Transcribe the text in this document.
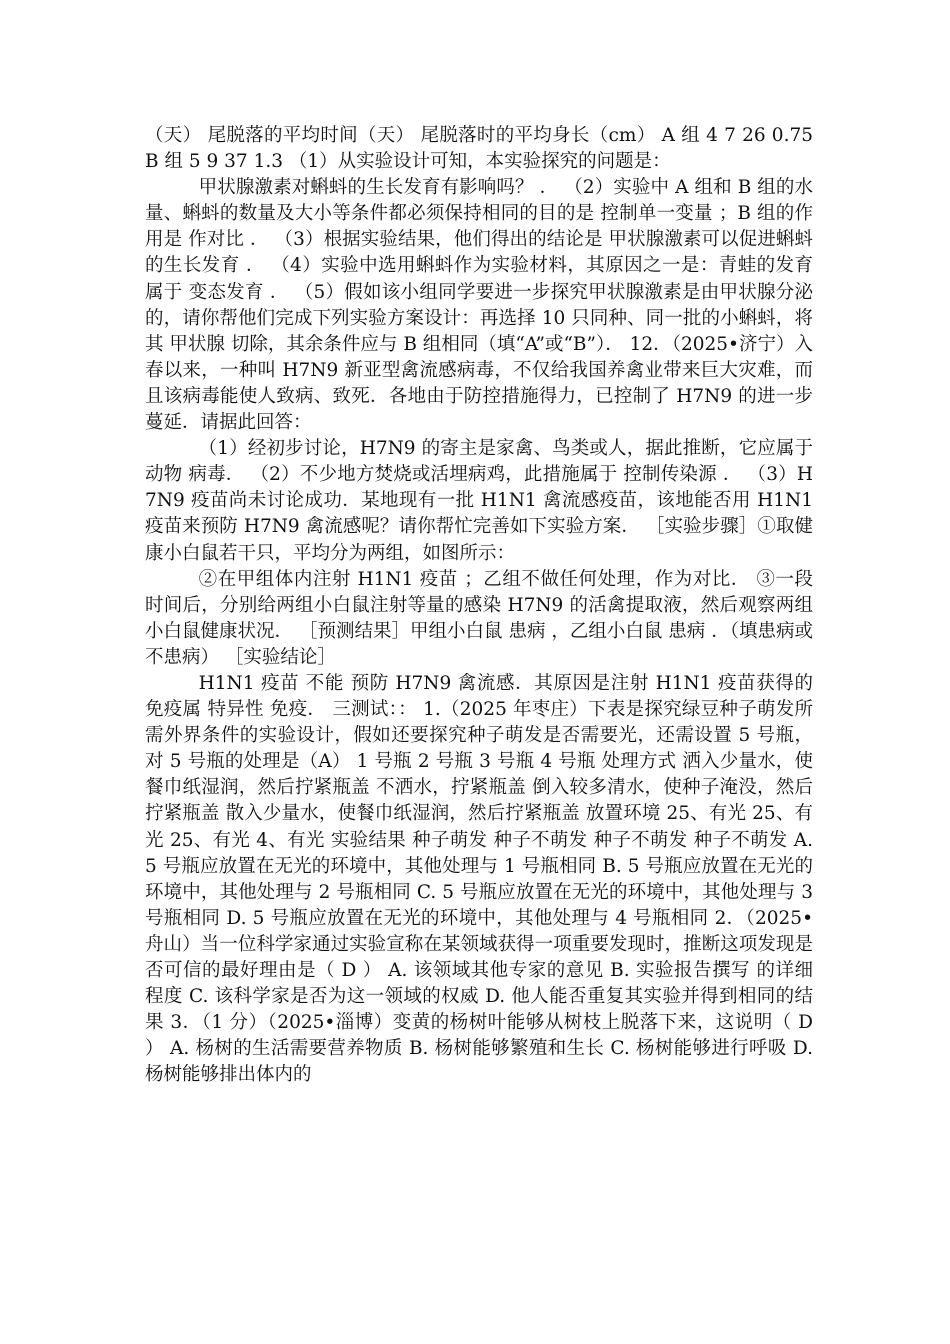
（天） 尾脱落的平均时间（天） 尾脱落时的平均身长（cm） A 组 4 7 26 0.75 B 组 5 9 37 1.3 （1）从实验设计可知，本实验探究的问题是：

甲状腺激素对蝌蚪的生长发育有影响吗？ ． （2）实验中 A 组和 B 组的水量、蝌蚪的数量及大小等条件都必须保持相同的目的是 控制单一变量 ；B 组的作用是 作对比 ． （3）根据实验结果，他们得出的结论是 甲状腺激素可以促进蝌蚪的生长发育 ． （4）实验中选用蝌蚪作为实验材料，其原因之一是：青蛙的发育属于 变态发育 ． （5）假如该小组同学要进一步探究甲状腺激素是由甲状腺分泌的，请你帮他们完成下列实验方案设计：再选择 10 只同种、同一批的小蝌蚪，将其 甲状腺 切除，其余条件应与 B 组相同（填“A”或“B”）． 12．（2025•济宁）入春以来，一种叫 H7N9 新亚型禽流感病毒，不仅给我国养禽业带来巨大灾难，而且该病毒能使人致病、致死．各地由于防控措施得力，已控制了 H7N9 的进一步蔓延．请据此回答：

（1）经初步讨论，H7N9 的寄主是家禽、鸟类或人，据此推断，它应属于 动物 病毒． （2）不少地方焚烧或活埋病鸡，此措施属于 控制传染源 ． （3）H7N9 疫苗尚未讨论成功．某地现有一批 H1N1 禽流感疫苗，该地能否用 H1N1 疫苗来预防 H7N9 禽流感呢？请你帮忙完善如下实验方案． ［实验步骤］①取健康小白鼠若干只，平均分为两组，如图所示：

②在甲组体内注射 H1N1 疫苗 ；乙组不做任何处理，作为对比． ③一段时间后，分别给两组小白鼠注射等量的感染 H7N9 的活禽提取液，然后观察两组小白鼠健康状况． ［预测结果］甲组小白鼠 患病 ，乙组小白鼠 患病 ．（填患病或不患病） ［实验结论］

H1N1 疫苗 不能 预防 H7N9 禽流感．其原因是注射 H1N1 疫苗获得的免疫属 特异性 免疫． 三测试：： 1.（2025 年枣庄）下表是探究绿豆种子萌发所需外界条件的实验设计，假如还要探究种子萌发是否需要光，还需设置 5 号瓶，对 5 号瓶的处理是（A） 1 号瓶 2 号瓶 3 号瓶 4 号瓶 处理方式 洒入少量水，使餐巾纸湿润，然后拧紧瓶盖 不洒水，拧紧瓶盖 倒入较多清水，使种子淹没，然后拧紧瓶盖 散入少量水，使餐巾纸湿润，然后拧紧瓶盖 放置环境 25、有光 25、有光 25、有光 4、有光 实验结果 种子萌发 种子不萌发 种子不萌发 种子不萌发 A.5 号瓶应放置在无光的环境中，其他处理与 1 号瓶相同 B. 5 号瓶应放置在无光的环境中，其他处理与 2 号瓶相同 C. 5 号瓶应放置在无光的环境中，其他处理与 3 号瓶相同 D. 5 号瓶应放置在无光的环境中，其他处理与 4 号瓶相同 2．（2025•舟山）当一位科学家通过实验宣称在某领域获得一项重要发现时，推断这项发现是否可信的最好理由是（ D ） A. 该领域其他专家的意见 B. 实验报告撰写 的详细程度 C. 该科学家是否为这一领域的权威 D. 他人能否重复其实验并得到相同的结果 3．（1 分）（2025•淄博）变黄的杨树叶能够从树枝上脱落下来，这说明（ D ） A. 杨树的生活需要营养物质 B. 杨树能够繁殖和生长 C. 杨树能够进行呼吸 D. 杨树能够排出体内的
